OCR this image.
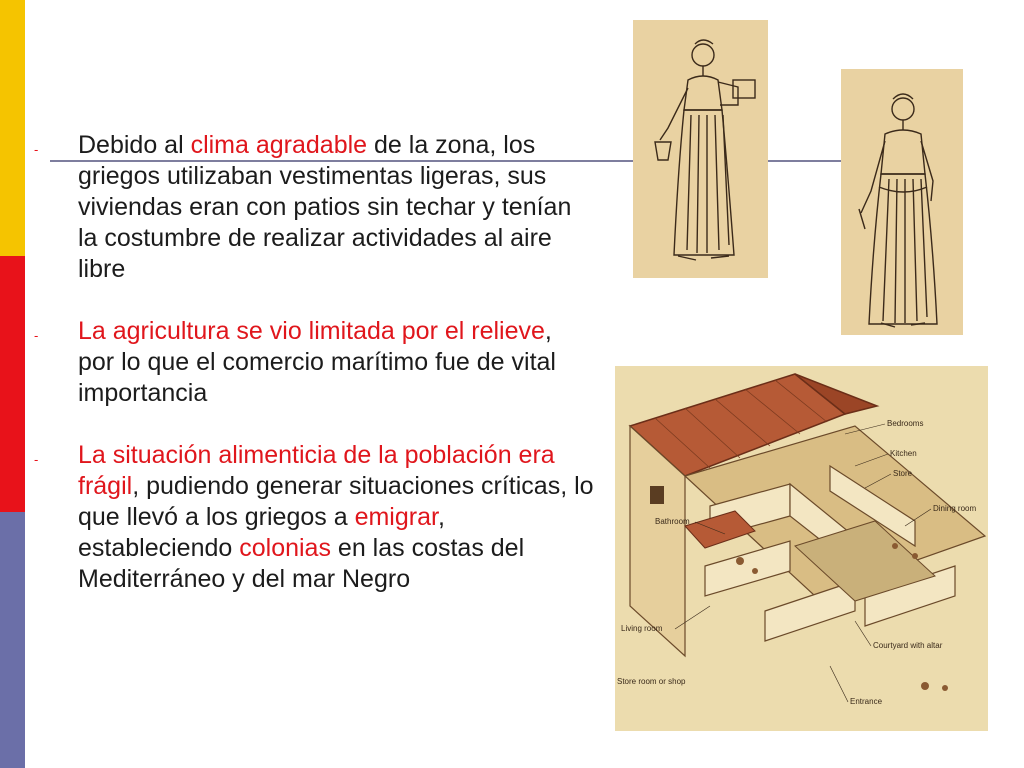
- Debido al clima agradable de la zona, los griegos utilizaban vestimentas ligeras, sus viviendas eran con patios sin techar y tenían la costumbre de realizar actividades al aire libre
- La agricultura se vio limitada por el relieve, por lo que el comercio marítimo fue de vital importancia
- La situación alimenticia de la población era frágil, pudiendo generar situaciones críticas, lo que llevó a los griegos a emigrar, estableciendo colonias en las costas del Mediterráneo y del mar Negro
Bedrooms
Kitchen
Store
Dining room
Bathroom
Living room
Courtyard with altar
Store room or shop
Entrance
